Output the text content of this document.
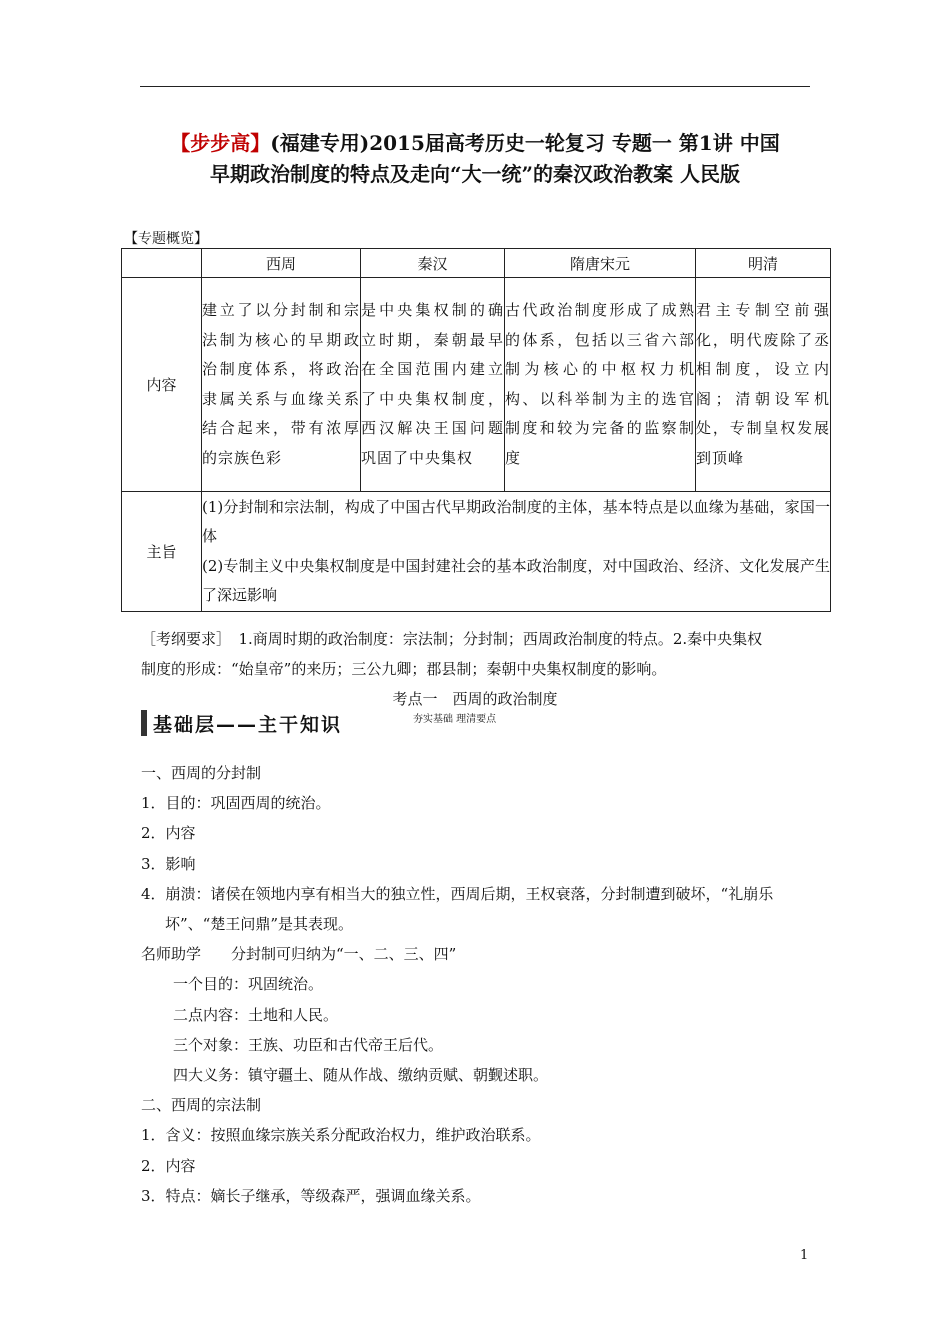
【步步高】(福建专用)2015届高考历史一轮复习 专题一 第1讲 中国
早期政治制度的特点及走向“大一统”的秦汉政治教案 人民版
【专题概览】
	西周	秦汉	隋唐宋元	明清
内容	建立了以分封制和宗法制为核心的早期政治制度体系，将政治隶属关系与血缘关系结合起来，带有浓厚的宗族色彩	是中央集权制的确立时期，秦朝最早在全国范围内建立了中央集权制度，西汉解决王国问题巩固了中央集权	古代政治制度形成了成熟的体系，包括以三省六部制为核心的中枢权力机构、以科举制为主的选官制度和较为完备的监察制度	君主专制空前强化，明代废除了丞相制度，设立内阁；清朝设军机处，专制皇权发展到顶峰
主旨	(1)分封制和宗法制，构成了中国古代早期政治制度的主体，基本特点是以血缘为基础，家国一体
(2)专制主义中央集权制度是中国封建社会的基本政治制度，对中国政治、经济、文化发展产生了深远影响			

［考纲要求］　1.商周时期的政治制度：宗法制；分封制；西周政治制度的特点。2.秦中央集权

制度的形成：“始皇帝”的来历；三公九卿；郡县制；秦朝中央集权制度的影响。

考点一　西周的政治制度
基础层——主干知识	夯实基础 理清要点

一、西周的分封制

1．目的：巩固西周的统治。

2．内容

3．影响

4．崩溃：诸侯在领地内享有相当大的独立性，西周后期，王权衰落，分封制遭到破坏，“礼崩乐坏”、“楚王问鼎”是其表现。

名师助学　　分封制可归纳为“一、二、三、四”

一个目的：巩固统治。

二点内容：土地和人民。

三个对象：王族、功臣和古代帝王后代。

四大义务：镇守疆土、随从作战、缴纳贡赋、朝觐述职。

二、西周的宗法制

1．含义：按照血缘宗族关系分配政治权力，维护政治联系。

2．内容

3．特点：嫡长子继承，等级森严，强调血缘关系。

1
